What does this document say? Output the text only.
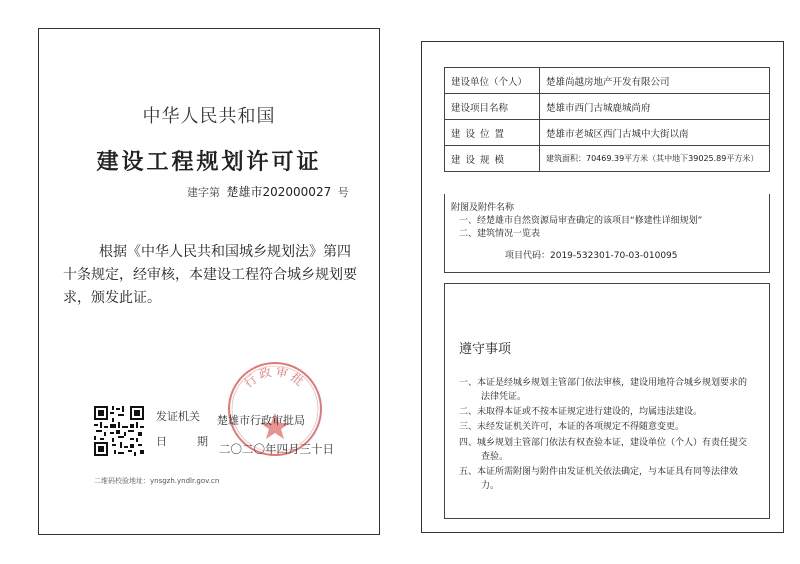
中华人民共和国
建设工程规划许可证
建字第 楚雄市202000027 号
根据《中华人民共和国城乡规划法》第四十条规定，经审核，本建设工程符合城乡规划要求，颁发此证。
行政审批
发证机关 楚雄市行政审批局
日期
二〇二〇年四月三十日
二维码校验地址：ynsgzh.yndlr.gov.cn
建设单位（个人）	楚雄尚越房地产开发有限公司
建设项目名称	楚雄市西门古城鹿城尚府
建设位置	楚雄市老城区西门古城中大街以南
建设规模	建筑面积：70469.39平方米（其中地下39025.89平方米）
附图及附件名称
一、经楚雄市自然资源局审查确定的该项目“修建性详细规划”
二、建筑情况一览表
项目代码：2019-532301-70-03-010095
遵守事项
一、本证是经城乡规划主管部门依法审核，建设用地符合城乡规划要求的法律凭证。
二、未取得本证或不按本证规定进行建设的，均属违法建设。
三、未经发证机关许可，本证的各项规定不得随意变更。
四、城乡规划主管部门依法有权查验本证，建设单位（个人）有责任提交查验。
五、本证所需附图与附件由发证机关依法确定，与本证具有同等法律效力。
